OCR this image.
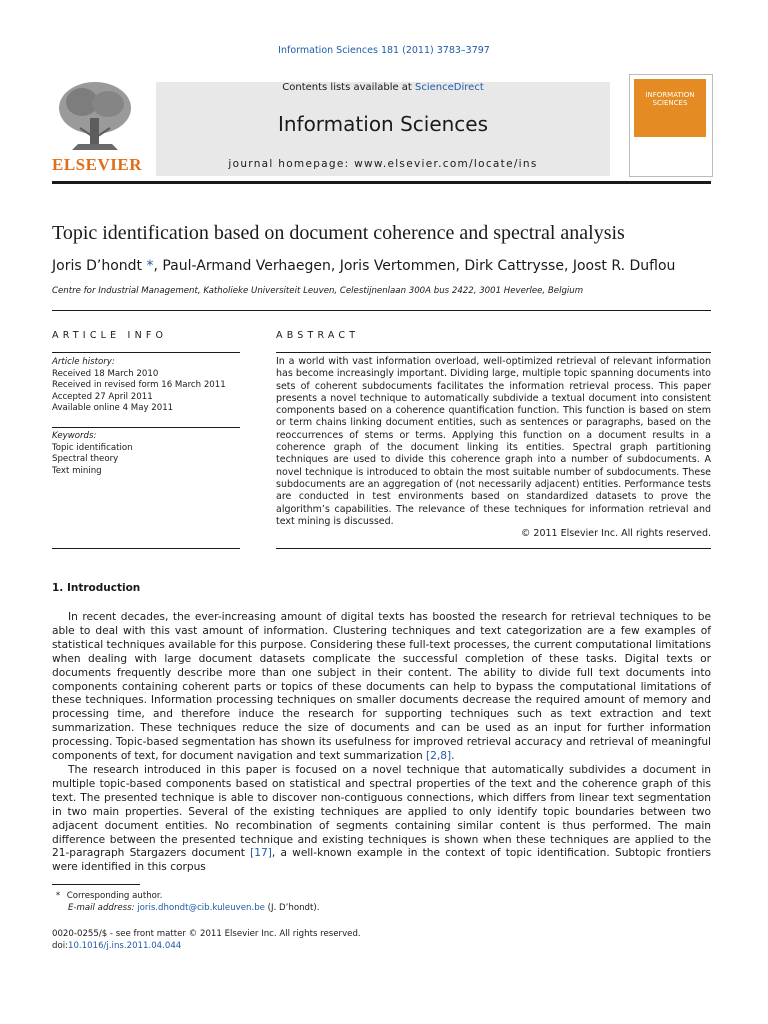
Information Sciences 181 (2011) 3783–3797
ELSEVIER
Contents lists available at ScienceDirect
Information Sciences
journal homepage: www.elsevier.com/locate/ins
INFORMATION SCIENCES
Topic identification based on document coherence and spectral analysis
Joris D’hondt *, Paul-Armand Verhaegen, Joris Vertommen, Dirk Cattrysse, Joost R. Duflou
Centre for Industrial Management, Katholieke Universiteit Leuven, Celestijnenlaan 300A bus 2422, 3001 Heverlee, Belgium
ARTICLE INFO
Article history:
Received 18 March 2010
Received in revised form 16 March 2011
Accepted 27 April 2011
Available online 4 May 2011
Keywords:
Topic identification
Spectral theory
Text mining
ABSTRACT
In a world with vast information overload, well-optimized retrieval of relevant information has become increasingly important. Dividing large, multiple topic spanning documents into sets of coherent subdocuments facilitates the information retrieval process. This paper presents a novel technique to automatically subdivide a textual document into consistent components based on a coherence quantification function. This function is based on stem or term chains linking document entities, such as sentences or paragraphs, based on the reoccurrences of stems or terms. Applying this function on a document results in a coherence graph of the document linking its entities. Spectral graph partitioning techniques are used to divide this coherence graph into a number of subdocuments. A novel technique is introduced to obtain the most suitable number of subdocuments. These subdocuments are an aggregation of (not necessarily adjacent) entities. Performance tests are conducted in test environments based on standardized datasets to prove the algorithm’s capabilities. The relevance of these techniques for information retrieval and text mining is discussed.
© 2011 Elsevier Inc. All rights reserved.
1. Introduction

In recent decades, the ever-increasing amount of digital texts has boosted the research for retrieval techniques to be able to deal with this vast amount of information. Clustering techniques and text categorization are a few examples of statistical techniques available for this purpose. Considering these full-text processes, the current computational limitations when dealing with large document datasets complicate the successful completion of these tasks. Digital texts or documents frequently describe more than one subject in their content. The ability to divide full text documents into components containing coherent parts or topics of these documents can help to bypass the computational limitations of these techniques. Information processing techniques on smaller documents decrease the required amount of memory and processing time, and therefore induce the research for supporting techniques such as text extraction and text summarization. These techniques reduce the size of documents and can be used as an input for further information processing. Topic-based segmentation has shown its usefulness for improved retrieval accuracy and retrieval of meaningful components of text, for document navigation and text summarization [2,8].

The research introduced in this paper is focused on a novel technique that automatically subdivides a document in multiple topic-based components based on statistical and spectral properties of the text and the coherence graph of this text. The presented technique is able to discover non-contiguous connections, which differs from linear text segmentation in two main properties. Several of the existing techniques are applied to only identify topic boundaries between two adjacent document entities. No recombination of segments containing similar content is thus performed. The main difference between the presented technique and existing techniques is shown when these techniques are applied to the 21-paragraph Stargazers document [17], a well-known example in the context of topic identification. Subtopic frontiers were identified in this corpus

* Corresponding author.
E-mail address: joris.dhondt@cib.kuleuven.be (J. D’hondt).
0020-0255/$ - see front matter © 2011 Elsevier Inc. All rights reserved.
doi:10.1016/j.ins.2011.04.044
